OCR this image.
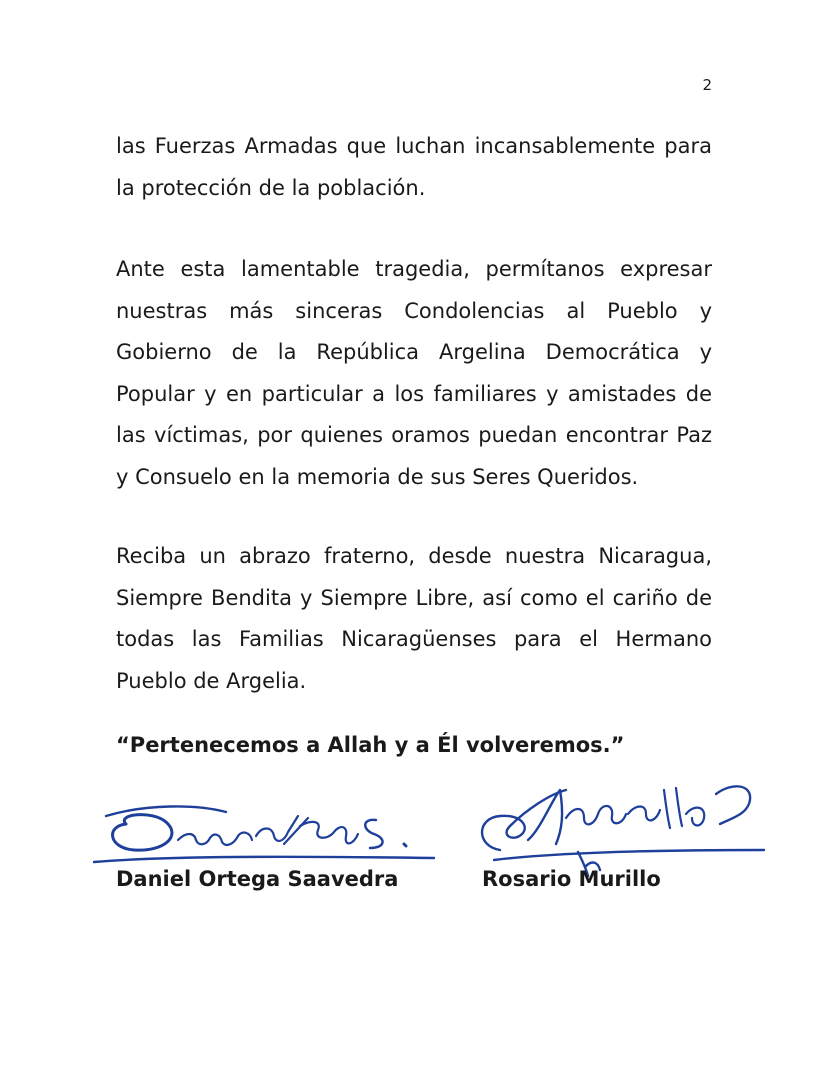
2

las Fuerzas Armadas que luchan incansablemente para la protección de la población.

Ante esta lamentable tragedia, permítanos expresar nuestras más sinceras Condolencias al Pueblo y Gobierno de la República Argelina Democrática y Popular y en particular a los familiares y amistades de las víctimas, por quienes oramos puedan encontrar Paz y Consuelo en la memoria de sus Seres Queridos.

Reciba un abrazo fraterno, desde nuestra Nicaragua, Siempre Bendita y Siempre Libre, así como el cariño de todas las Familias Nicaragüenses para el Hermano Pueblo de Argelia.

“Pertenecemos a Allah y a Él volveremos.”

Daniel Ortega Saavedra	Rosario Murillo
